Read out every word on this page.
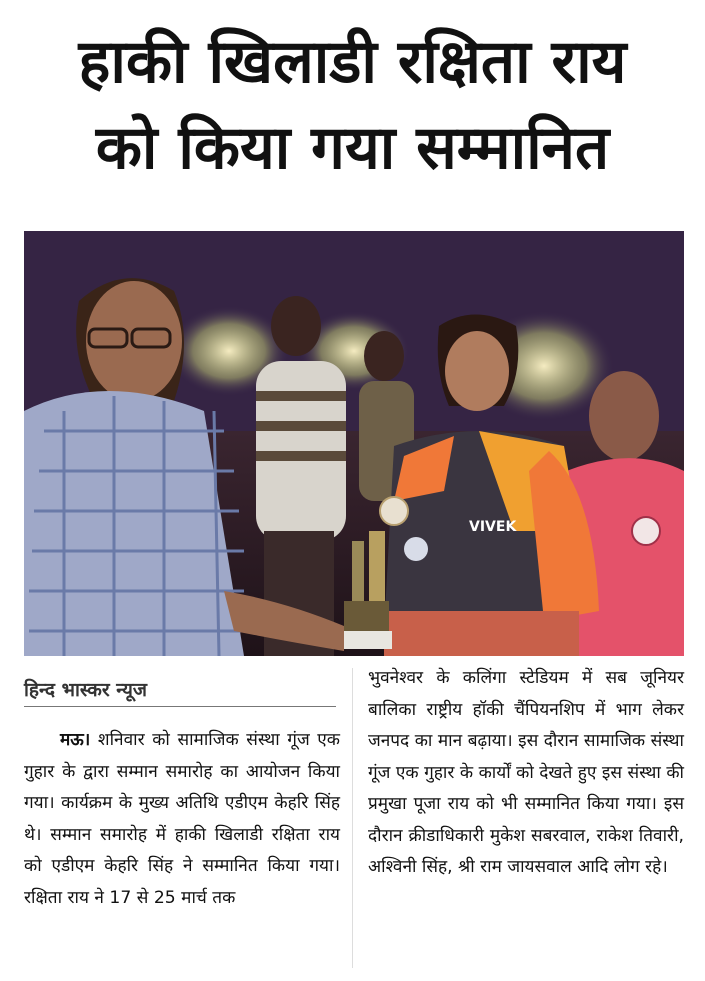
हाकी खिलाडी रक्षिता राय
को किया गया सम्मानित
VIVEK
हिन्द भास्कर न्यूज
मऊ। शनिवार को सामाजिक संस्था गूंज एक गुहार के द्वारा सम्मान समारोह का आयोजन किया गया। कार्यक्रम के मुख्य अतिथि एडीएम केहरि सिंह थे। सम्मान समारोह में हाकी खिलाडी रक्षिता राय को एडीएम केहरि सिंह ने सम्मानित किया गया। रक्षिता राय ने 17 से 25 मार्च तक
भुवनेश्वर के कलिंगा स्टेडियम में सब जूनियर बालिका राष्ट्रीय हॉकी चैंपियनशिप में भाग लेकर जनपद का मान बढ़ाया। इस दौरान सामाजिक संस्था गूंज एक गुहार के कार्यों को देखते हुए इस संस्था की प्रमुखा पूजा राय को भी सम्मानित किया गया। इस दौरान क्रीडाधिकारी मुकेश सबरवाल, राकेश तिवारी, अश्विनी सिंह, श्री राम जायसवाल आदि लोग रहे।
